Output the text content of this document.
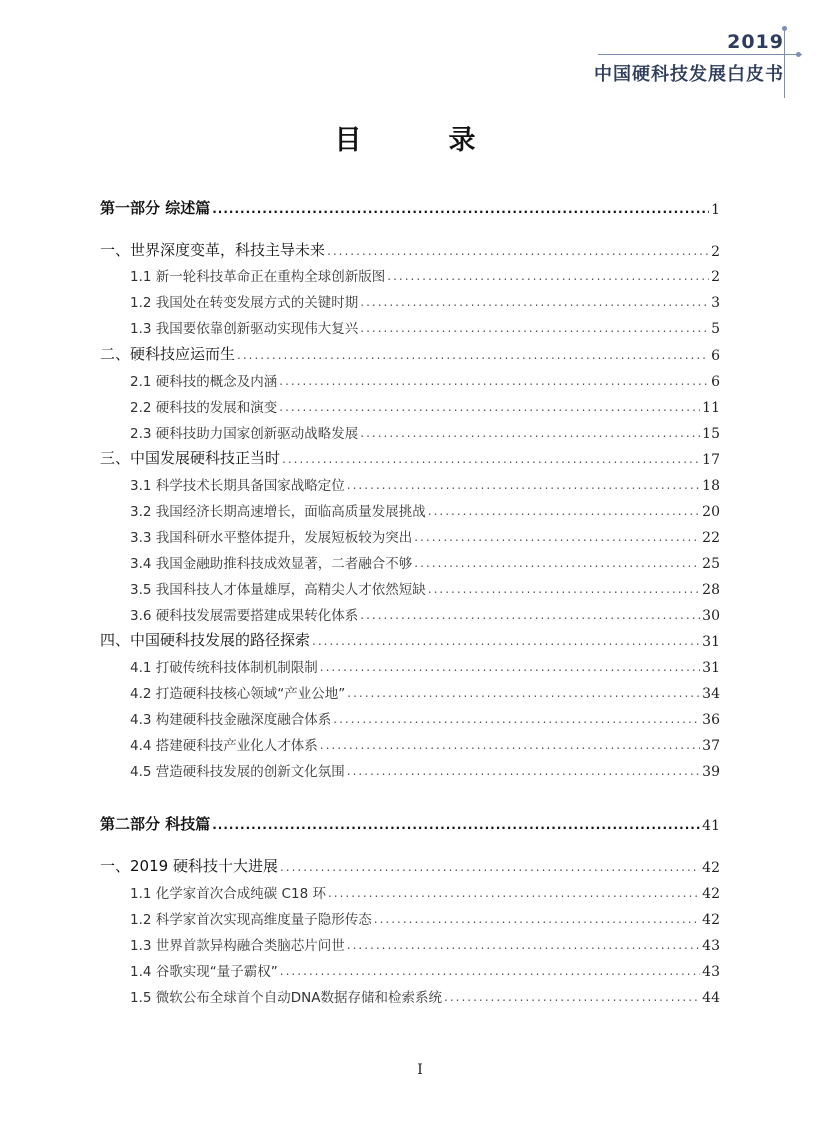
2019
中国硬科技发展白皮书
目　录
第一部分 综述篇 .....	1
一、世界深度变革，科技主导未来 .....	2
1.1 新一轮科技革命正在重构全球创新版图 .....	2
1.2 我国处在转变发展方式的关键时期 .....	3
1.3 我国要依靠创新驱动实现伟大复兴 .....	5
二、硬科技应运而生 .....	6
2.1 硬科技的概念及内涵 .....	6
2.2 硬科技的发展和演变 .....	11
2.3 硬科技助力国家创新驱动战略发展 .....	15
三、中国发展硬科技正当时 .....	17
3.1 科学技术长期具备国家战略定位 .....	18
3.2 我国经济长期高速增长，面临高质量发展挑战 .....	20
3.3 我国科研水平整体提升，发展短板较为突出 .....	22
3.4 我国金融助推科技成效显著，二者融合不够 .....	25
3.5 我国科技人才体量雄厚，高精尖人才依然短缺 .....	28
3.6 硬科技发展需要搭建成果转化体系 .....	30
四、中国硬科技发展的路径探索 .....	31
4.1 打破传统科技体制机制限制 .....	31
4.2 打造硬科技核心领域“产业公地” .....	34
4.3 构建硬科技金融深度融合体系 .....	36
4.4 搭建硬科技产业化人才体系 .....	37
4.5 营造硬科技发展的创新文化氛围 .....	39
第二部分 科技篇 .....	41
一、2019 硬科技十大进展 .....	42
1.1 化学家首次合成纯碳 C18 环 .....	42
1.2 科学家首次实现高维度量子隐形传态 .....	42
1.3 世界首款异构融合类脑芯片问世 .....	43
1.4 谷歌实现“量子霸权” .....	43
1.5 微软公布全球首个自动DNA数据存储和检索系统 .....	44
I
